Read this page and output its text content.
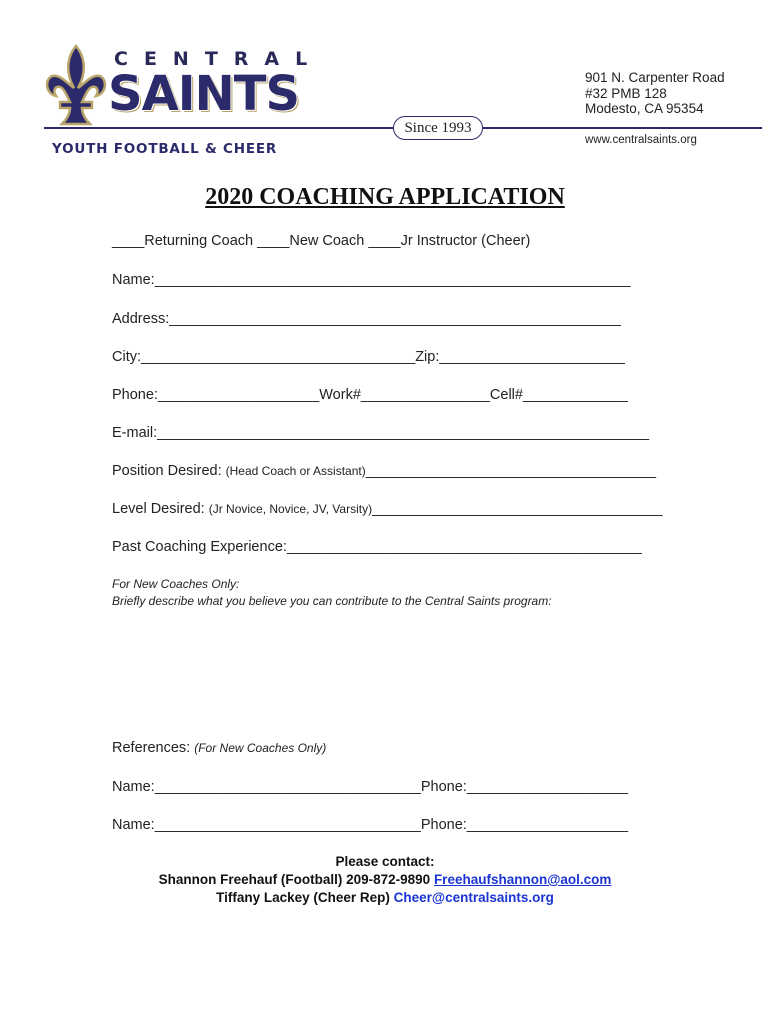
CENTRAL
SAINTS
YOUTH FOOTBALL & CHEER
Since 1993
901 N. Carpenter Road
#32 PMB 128
Modesto, CA 95354
www.centralsaints.org
2020 COACHING APPLICATION
____Returning Coach ____New Coach ____Jr Instructor (Cheer)
Name:___________________________________________________________
Address:________________________________________________________
City:__________________________________Zip:_______________________
Phone:____________________Work#________________Cell#_____________
E-mail:_____________________________________________________________
Position Desired: (Head Coach or Assistant)____________________________________
Level Desired: (Jr Novice, Novice, JV, Varsity)____________________________________
Past Coaching Experience:____________________________________________
For New Coaches Only:
Briefly describe what you believe you can contribute to the Central Saints program:
References: (For New Coaches Only)
Name:_________________________________Phone:____________________
Name:_________________________________Phone:____________________
Please contact:
Shannon Freehauf (Football) 209-872-9890 Freehaufshannon@aol.com
Tiffany Lackey (Cheer Rep) Cheer@centralsaints.org
